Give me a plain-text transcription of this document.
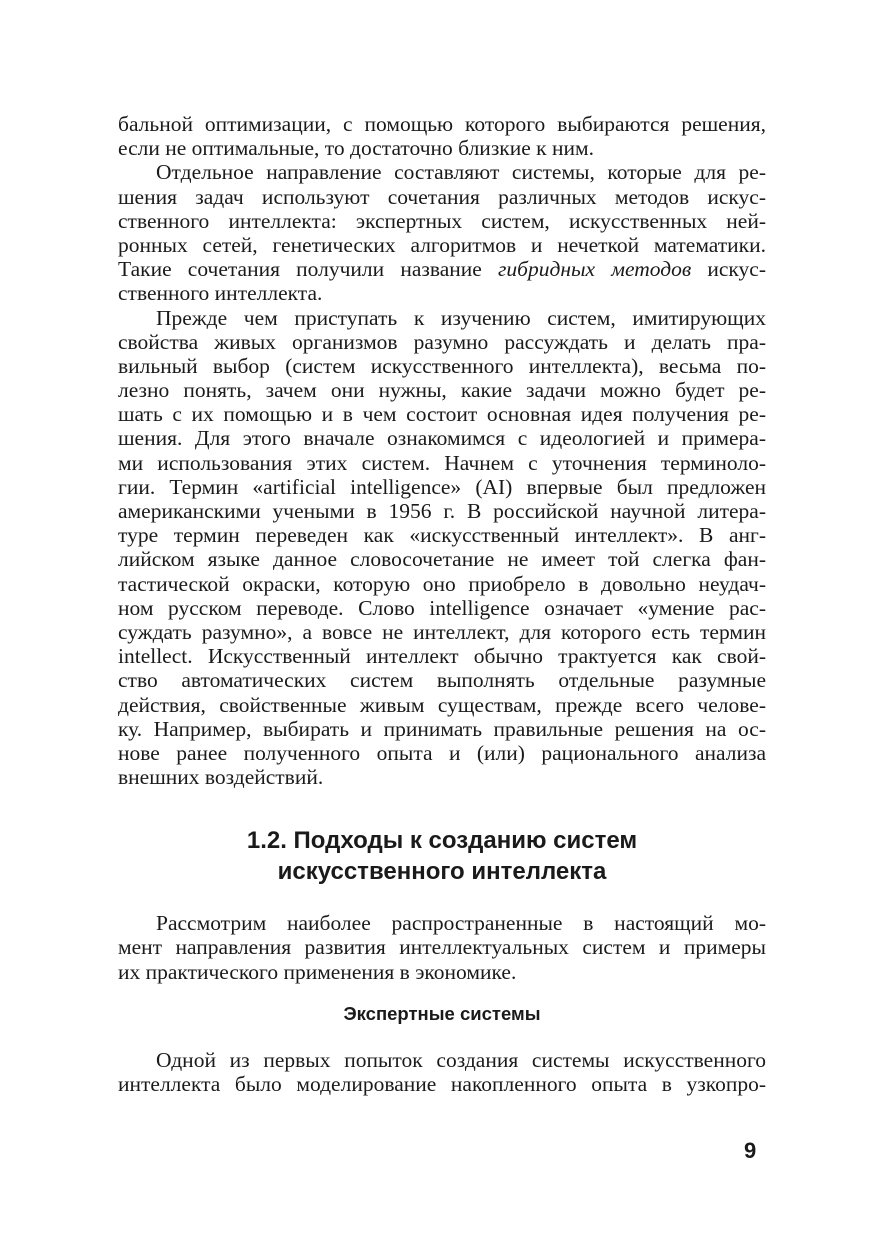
бальной оптимизации, с помощью которого выбираются решения,
если не оптимальные, то достаточно близкие к ним.
Отдельное направление составляют системы, которые для ре-
шения задач используют сочетания различных методов искус-
ственного интеллекта: экспертных систем, искусственных ней-
ронных сетей, генетических алгоритмов и нечеткой математики.
Такие сочетания получили название гибридных методов искус-
ственного интеллекта.
Прежде чем приступать к изучению систем, имитирующих
свойства живых организмов разумно рассуждать и делать пра-
вильный выбор (систем искусственного интеллекта), весьма по-
лезно понять, зачем они нужны, какие задачи можно будет ре-
шать с их помощью и в чем состоит основная идея получения ре-
шения. Для этого вначале ознакомимся с идеологией и примера-
ми использования этих систем. Начнем с уточнения терминоло-
гии. Термин «artificial intelligence» (AI) впервые был предложен
американскими учеными в 1956 г. В российской научной литера-
туре термин переведен как «искусственный интеллект». В анг-
лийском языке данное словосочетание не имеет той слегка фан-
тастической окраски, которую оно приобрело в довольно неудач-
ном русском переводе. Слово intelligence означает «умение рас-
суждать разумно», а вовсе не интеллект, для которого есть термин
intellect. Искусственный интеллект обычно трактуется как свой-
ство автоматических систем выполнять отдельные разумные
действия, свойственные живым существам, прежде всего челове-
ку. Например, выбирать и принимать правильные решения на ос-
нове ранее полученного опыта и (или) рационального анализа
внешних воздействий.
1.2. Подходы к созданию систем
искусственного интеллекта
Рассмотрим наиболее распространенные в настоящий мо-
мент направления развития интеллектуальных систем и примеры
их практического применения в экономике.
Экспертные системы
Одной из первых попыток создания системы искусственного
интеллекта было моделирование накопленного опыта в узкопро-
9
